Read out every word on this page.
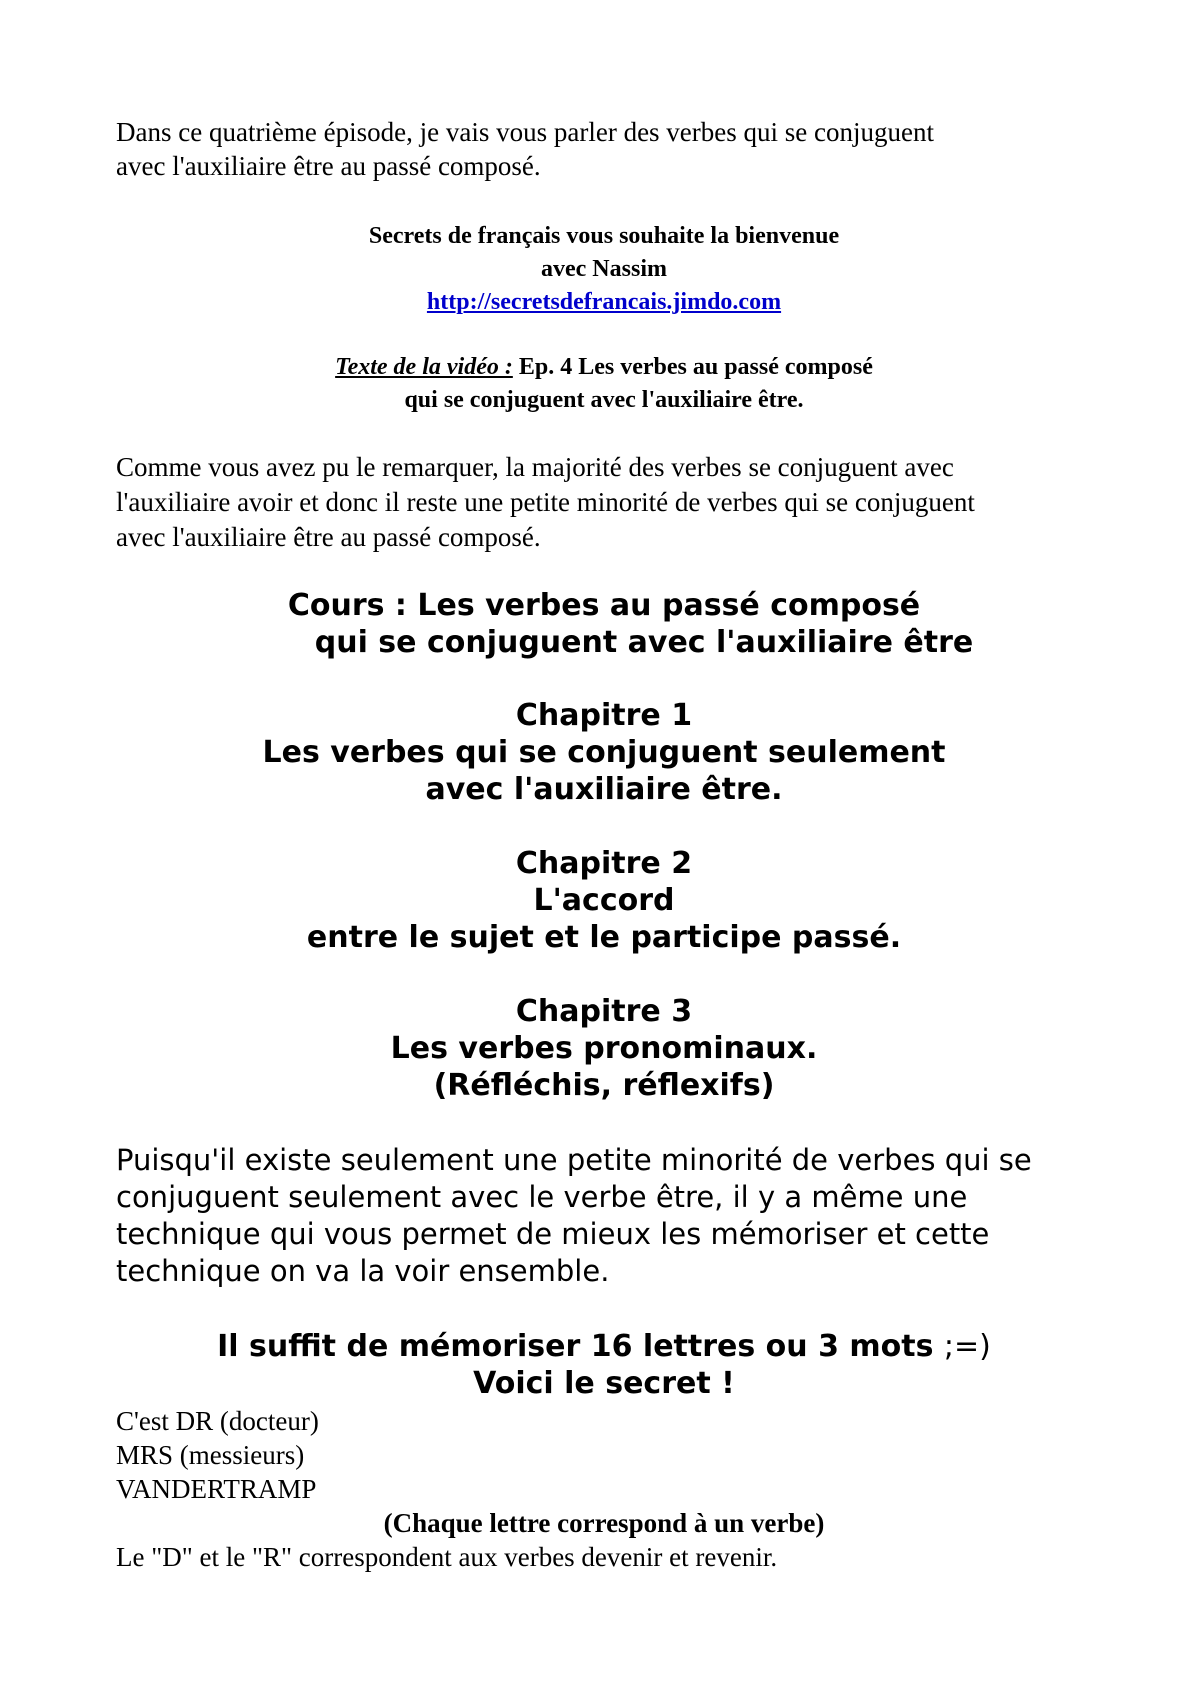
Dans ce quatrième épisode, je vais vous parler des verbes qui se conjuguent

avec l'auxiliaire être au passé composé.

Secrets de français vous souhaite la bienvenue

avec Nassim

http://secretsdefrancais.jimdo.com

Texte de la vidéo : Ep. 4 Les verbes au passé composé

qui se conjuguent avec l'auxiliaire être.

Comme vous avez pu le remarquer, la majorité des verbes se conjuguent avec

l'auxiliaire avoir et donc il reste une petite minorité de verbes qui se conjuguent

avec l'auxiliaire être au passé composé.

Cours : Les verbes au passé composé

qui se conjuguent avec l'auxiliaire être

Chapitre 1

Les verbes qui se conjuguent seulement

avec l'auxiliaire être.

Chapitre 2

L'accord

entre le sujet et le participe passé.

Chapitre 3

Les verbes pronominaux.

(Réfléchis, réflexifs)

Puisqu'il existe seulement une petite minorité de verbes qui se

conjuguent seulement avec le verbe être, il y a même une

technique qui vous permet de mieux les mémoriser et cette

technique on va la voir ensemble.

Il suffit de mémoriser 16 lettres ou 3 mots ;=)

Voici le secret !

C'est DR (docteur)

MRS (messieurs)

VANDERTRAMP

(Chaque lettre correspond à un verbe)

Le "D" et le "R" correspondent aux verbes devenir et revenir.
